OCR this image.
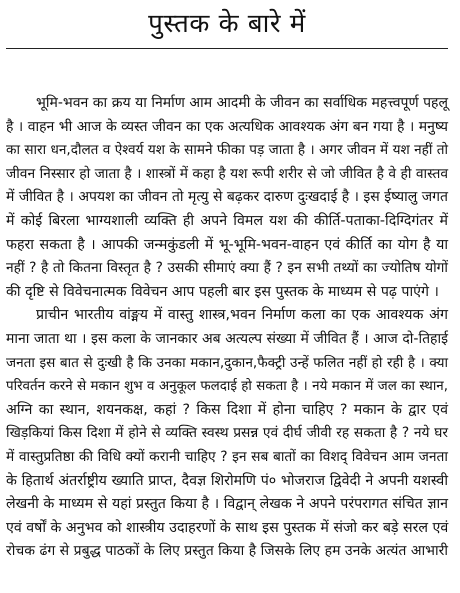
पुस्तक के बारे में

भूमि-भवन का क्रय या निर्माण आम आदमी के जीवन का सर्वाधिक महत्त्वपूर्ण पहलू
है । वाहन भी आज के व्यस्त जीवन का एक अत्यधिक आवश्यक अंग बन गया है । मनुष्य
का सारा धन,दौलत व ऐश्वर्य यश के सामने फीका पड़ जाता है । अगर जीवन में यश नहीं तो
जीवन निस्सार हो जाता है । शास्त्रों में कहा है यश रूपी शरीर से जो जीवित है वे ही वास्तव
में जीवित है । अपयश का जीवन तो मृत्यु से बढ़कर दारुण दुःखदाई है । इस ईष्यालु जगत
में कोई बिरला भाग्यशाली व्यक्ति ही अपने विमल यश की कीर्ति-पताका-दिग्दिगंतर में
फहरा सकता है । आपकी जन्मकुंडली में भू-भूमि-भवन-वाहन एवं कीर्ति का योग है या
नहीं ? है तो कितना विस्तृत है ? उसकी सीमाएं क्या हैं ? इन सभी तथ्यों का ज्योतिष योगों
की दृष्टि से विवेचनात्मक विवेचन आप पहली बार इस पुस्तक के माध्यम से पढ़ पाएंगे ।

प्राचीन भारतीय वांङ्मय में वास्तु शास्त्र,भवन निर्माण कला का एक आवश्यक अंग
माना जाता था । इस कला के जानकार अब अत्यल्प संख्या में जीवित हैं । आज दो-तिहाई
जनता इस बात से दुःखी है कि उनका मकान,दुकान,फैक्ट्री उन्हें फलित नहीं हो रही है । क्या
परिवर्तन करने से मकान शुभ व अनुकूल फलदाई हो सकता है । नये मकान में जल का स्थान,
अग्नि का स्थान, शयनकक्ष, कहां ? किस दिशा में होना चाहिए ? मकान के द्वार एवं
खिड़कियां किस दिशा में होने से व्यक्ति स्वस्थ प्रसन्न एवं दीर्घ जीवी रह सकता है ? नये घर
में वास्तुप्रतिष्ठा की विधि क्यों करानी चाहिए ? इन सब बातों का विशद् विवेचन आम जनता
के हितार्थ अंतर्राष्ट्रीय ख्याति प्राप्त, दैवज्ञ शिरोमणि पं० भोजराज द्विवेदी ने अपनी यशस्वी
लेखनी के माध्यम से यहां प्रस्तुत किया है । विद्वान् लेखक ने अपने परंपरागत संचित ज्ञान
एवं वर्षों के अनुभव को शास्त्रीय उदाहरणों के साथ इस पुस्तक में संजो कर बड़े सरल एवं
रोचक ढंग से प्रबुद्ध पाठकों के लिए प्रस्तुत किया है जिसके लिए हम उनके अत्यंत आभारी
